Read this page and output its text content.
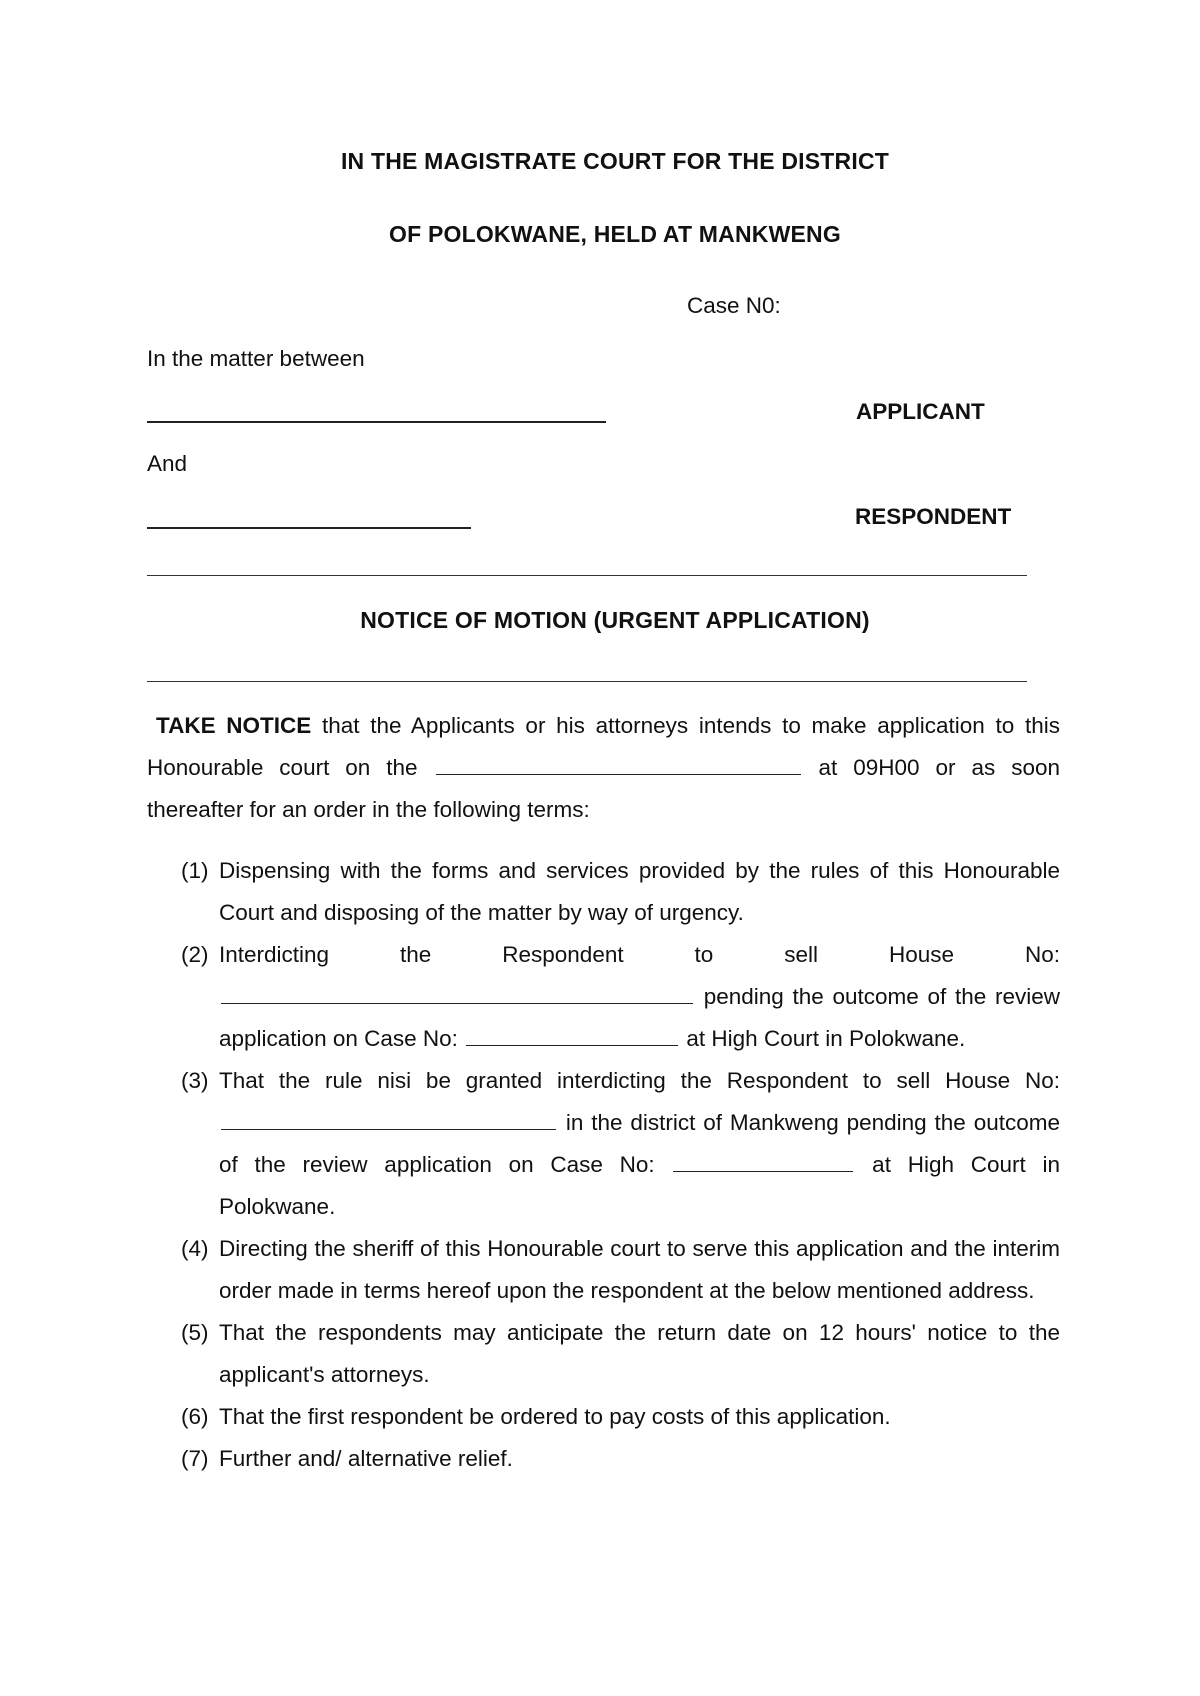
IN THE MAGISTRATE COURT FOR THE DISTRICT
OF POLOKWANE, HELD AT MANKWENG
Case N0:
In the matter between
APPLICANT
And
RESPONDENT
NOTICE OF MOTION (URGENT APPLICATION)
TAKE NOTICE that the Applicants or his attorneys intends to make application to this Honourable court on the	at 09H00 or as soon thereafter for an order in the following terms:
(1) Dispensing with the forms and services provided by the rules of this Honourable Court and disposing of the matter by way of urgency.
(2) Interdicting the Respondent to sell House No:  pending the outcome of the review application on Case No:	at High Court in Polokwane.
(3) That the rule nisi be granted interdicting the Respondent to sell House No:  in the district of Mankweng pending the outcome of the review application on Case No:	at High Court in Polokwane.
(4) Directing the sheriff of this Honourable court to serve this application and the interim order made in terms hereof upon the respondent at the below mentioned address.
(5) That the respondents may anticipate the return date on 12 hours' notice to the applicant's attorneys.
(6) That the first respondent be ordered to pay costs of this application.
(7) Further and/ alternative relief.
